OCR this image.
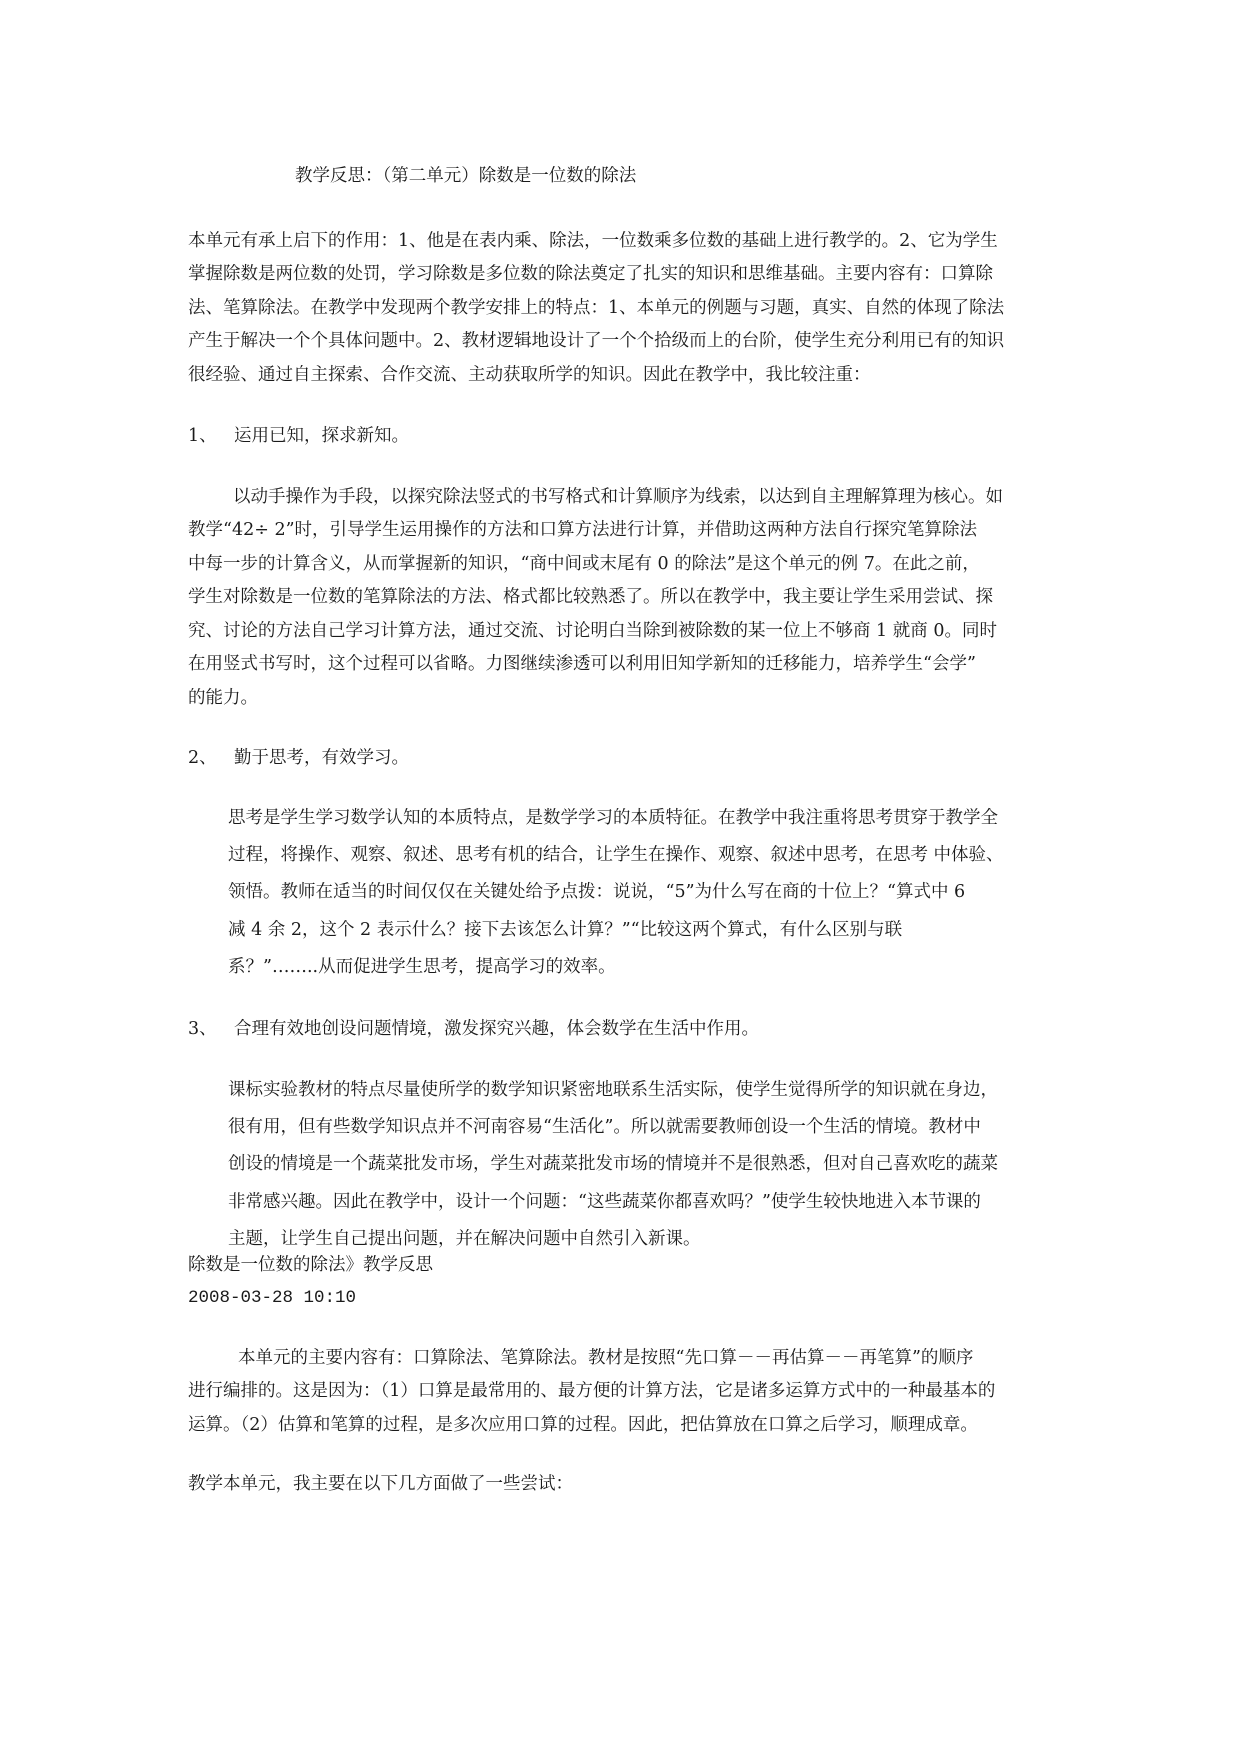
教学反思：（第二单元）除数是一位数的除法

本单元有承上启下的作用：1、他是在表内乘、除法，一位数乘多位数的基础上进行教学的。2、它为学生

掌握除数是两位数的处罚，学习除数是多位数的除法奠定了扎实的知识和思维基础。主要内容有：口算除

法、笔算除法。在教学中发现两个教学安排上的特点：1、本单元的例题与习题，真实、自然的体现了除法

产生于解决一个个具体问题中。2、教材逻辑地设计了一个个拾级而上的台阶，使学生充分利用已有的知识

很经验、通过自主探索、合作交流、主动获取所学的知识。因此在教学中，我比较注重：

1、 运用已知，探求新知。

以动手操作为手段，以探究除法竖式的书写格式和计算顺序为线索，以达到自主理解算理为核心。如

教学“42÷ 2”时，引导学生运用操作的方法和口算方法进行计算，并借助这两种方法自行探究笔算除法

中每一步的计算含义，从而掌握新的知识，“商中间或末尾有 0 的除法”是这个单元的例 7。在此之前，

学生对除数是一位数的笔算除法的方法、格式都比较熟悉了。所以在教学中，我主要让学生采用尝试、探

究、讨论的方法自己学习计算方法，通过交流、讨论明白当除到被除数的某一位上不够商 1 就商 0。同时

在用竖式书写时，这个过程可以省略。力图继续渗透可以利用旧知学新知的迁移能力，培养学生“会学”

的能力。

2、 勤于思考，有效学习。

思考是学生学习数学认知的本质特点，是数学学习的本质特征。在教学中我注重将思考贯穿于教学全

过程，将操作、观察、叙述、思考有机的结合，让学生在操作、观察、叙述中思考，在思考 中体验、

领悟。教师在适当的时间仅仅在关键处给予点拨：说说，“5”为什么写在商的十位上？“算式中 6

减 4 余 2，这个 2 表示什么？接下去该怎么计算？”“比较这两个算式，有什么区别与联

系？”……..从而促进学生思考，提高学习的效率。

3、 合理有效地创设问题情境，激发探究兴趣，体会数学在生活中作用。

课标实验教材的特点尽量使所学的数学知识紧密地联系生活实际，使学生觉得所学的知识就在身边，

很有用，但有些数学知识点并不河南容易“生活化”。所以就需要教师创设一个生活的情境。教材中

创设的情境是一个蔬菜批发市场，学生对蔬菜批发市场的情境并不是很熟悉，但对自己喜欢吃的蔬菜

非常感兴趣。因此在教学中，设计一个问题：“这些蔬菜你都喜欢吗？”使学生较快地进入本节课的

主题，让学生自己提出问题，并在解决问题中自然引入新课。

除数是一位数的除法》教学反思

2008-03-28 10:10

本单元的主要内容有：口算除法、笔算除法。教材是按照“先口算－－再估算－－再笔算”的顺序

进行编排的。这是因为：（1）口算是最常用的、最方便的计算方法，它是诸多运算方式中的一种最基本的

运算。（2）估算和笔算的过程，是多次应用口算的过程。因此，把估算放在口算之后学习，顺理成章。

教学本单元，我主要在以下几方面做了一些尝试：
